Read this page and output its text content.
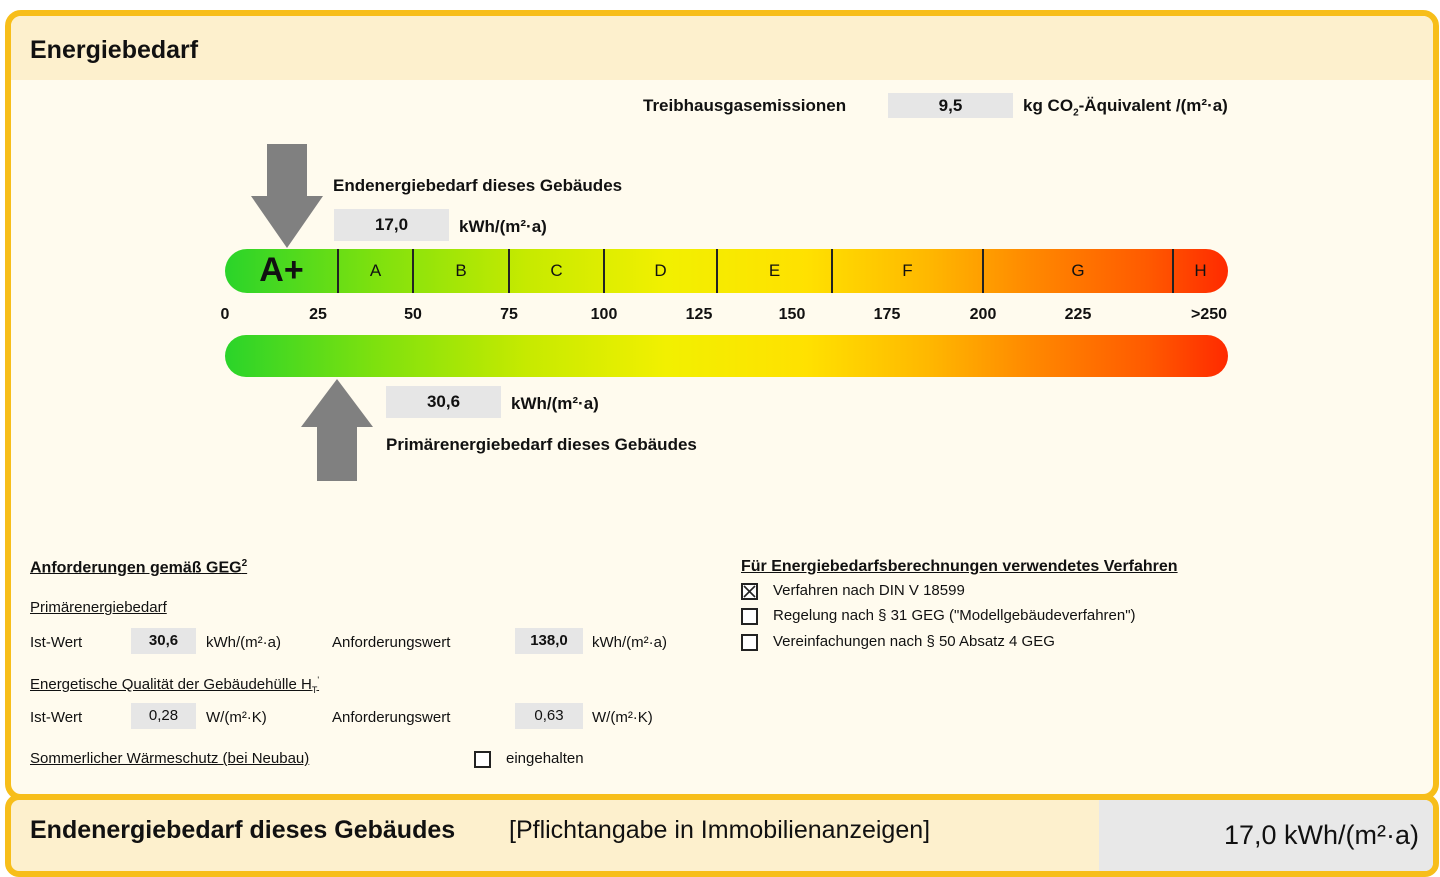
Energiebedarf
Treibhausgasemissionen	9,5	kg $CO_2$-Äquivalent /(m²·a)
Endenergiebedarf dieses Gebäudes
17,0	kWh/(m²·a)
A+	A	B	C	D	E	F	G	H
0	25	50	75	100	125	150	175	200	225	>250
30,6	kWh/(m²·a)
Primärenergiebedarf dieses Gebäudes
Anforderungen gemäß GEG$^2$
Primärenergiebedarf
Ist-Wert	30,6	kWh/(m²·a)	Anforderungswert	138,0	kWh/(m²·a)
Energetische Qualität der Gebäudehülle $H_T'$
Ist-Wert	0,28	W/(m²·K)	Anforderungswert	0,63	W/(m²·K)
Sommerlicher Wärmeschutz (bei Neubau)	eingehalten
Für Energiebedarfsberechnungen verwendetes Verfahren
Verfahren nach DIN V 18599
Regelung nach § 31 GEG ("Modellgebäudeverfahren")
Vereinfachungen nach § 50 Absatz 4 GEG
Endenergiebedarf dieses Gebäudes [Pflichtangabe in Immobilienanzeigen]	17,0 kWh/(m²·a)
